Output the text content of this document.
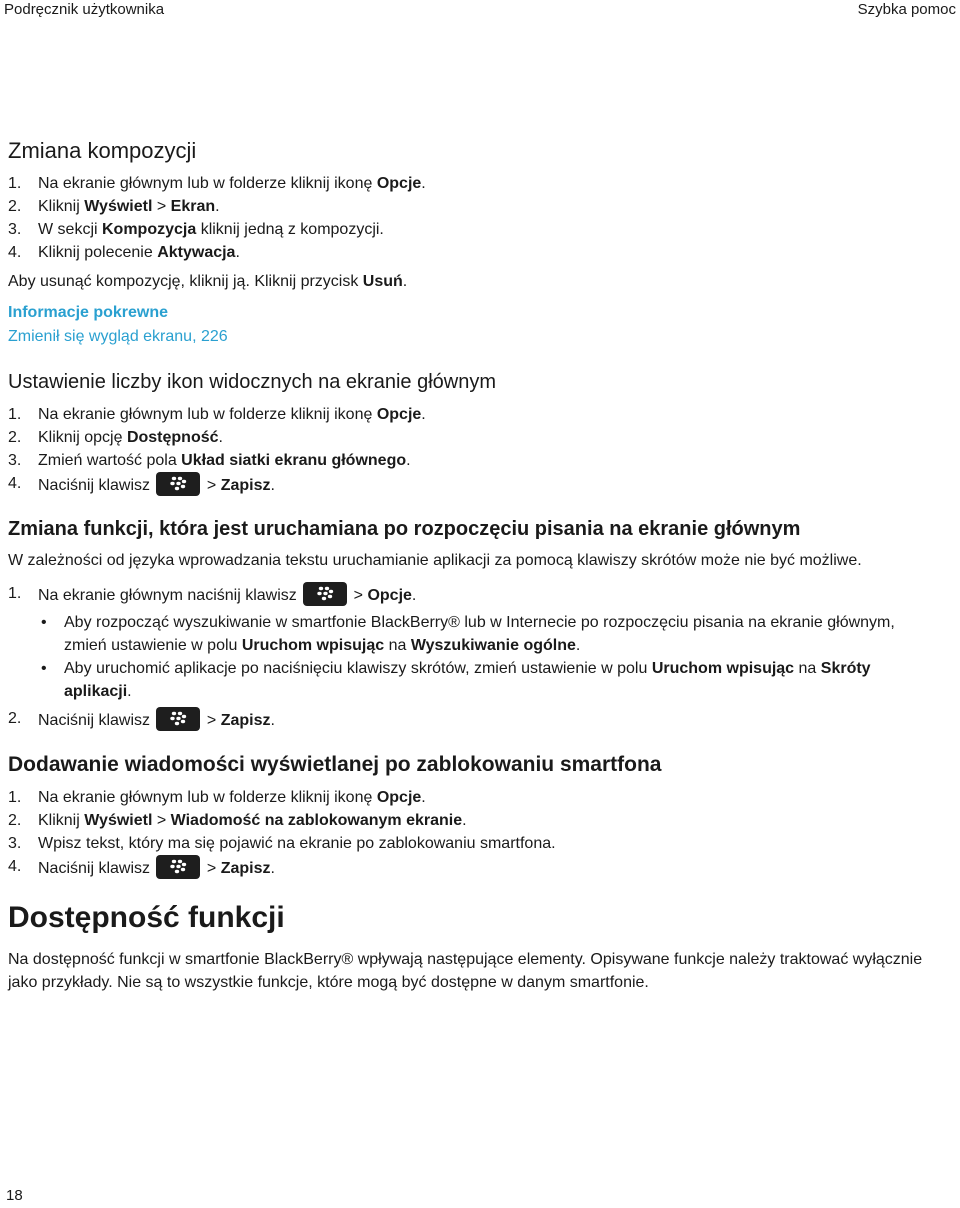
Podręcznik użytkownika	Szybka pomoc
Zmiana kompozycji
1. Na ekranie głównym lub w folderze kliknij ikonę Opcje.
2. Kliknij Wyświetl > Ekran.
3. W sekcji Kompozycja kliknij jedną z kompozycji.
4. Kliknij polecenie Aktywacja.

Aby usunąć kompozycję, kliknij ją. Kliknij przycisk Usuń.

Informacje pokrewne
Zmienił się wygląd ekranu, 226
Ustawienie liczby ikon widocznych na ekranie głównym
1. Na ekranie głównym lub w folderze kliknij ikonę Opcje.
2. Kliknij opcję Dostępność.
3. Zmień wartość pola Układ siatki ekranu głównego.
4. Naciśnij klawisz	> Zapisz.
Zmiana funkcji, która jest uruchamiana po rozpoczęciu pisania na ekranie głównym

W zależności od języka wprowadzania tekstu uruchamianie aplikacji za pomocą klawiszy skrótów może nie być możliwe.

1. Na ekranie głównym naciśnij klawisz	> Opcje.
• Aby rozpocząć wyszukiwanie w smartfonie BlackBerry® lub w Internecie po rozpoczęciu pisania na ekranie głównym, zmień ustawienie w polu Uruchom wpisując na Wyszukiwanie ogólne.
• Aby uruchomić aplikacje po naciśnięciu klawiszy skrótów, zmień ustawienie w polu Uruchom wpisując na Skróty aplikacji.
2. Naciśnij klawisz	> Zapisz.
Dodawanie wiadomości wyświetlanej po zablokowaniu smartfona
1. Na ekranie głównym lub w folderze kliknij ikonę Opcje.
2. Kliknij Wyświetl > Wiadomość na zablokowanym ekranie.
3. Wpisz tekst, który ma się pojawić na ekranie po zablokowaniu smartfona.
4. Naciśnij klawisz	> Zapisz.
Dostępność funkcji

Na dostępność funkcji w smartfonie BlackBerry® wpływają następujące elementy. Opisywane funkcje należy traktować wyłącznie jako przykłady. Nie są to wszystkie funkcje, które mogą być dostępne w danym smartfonie.

18
